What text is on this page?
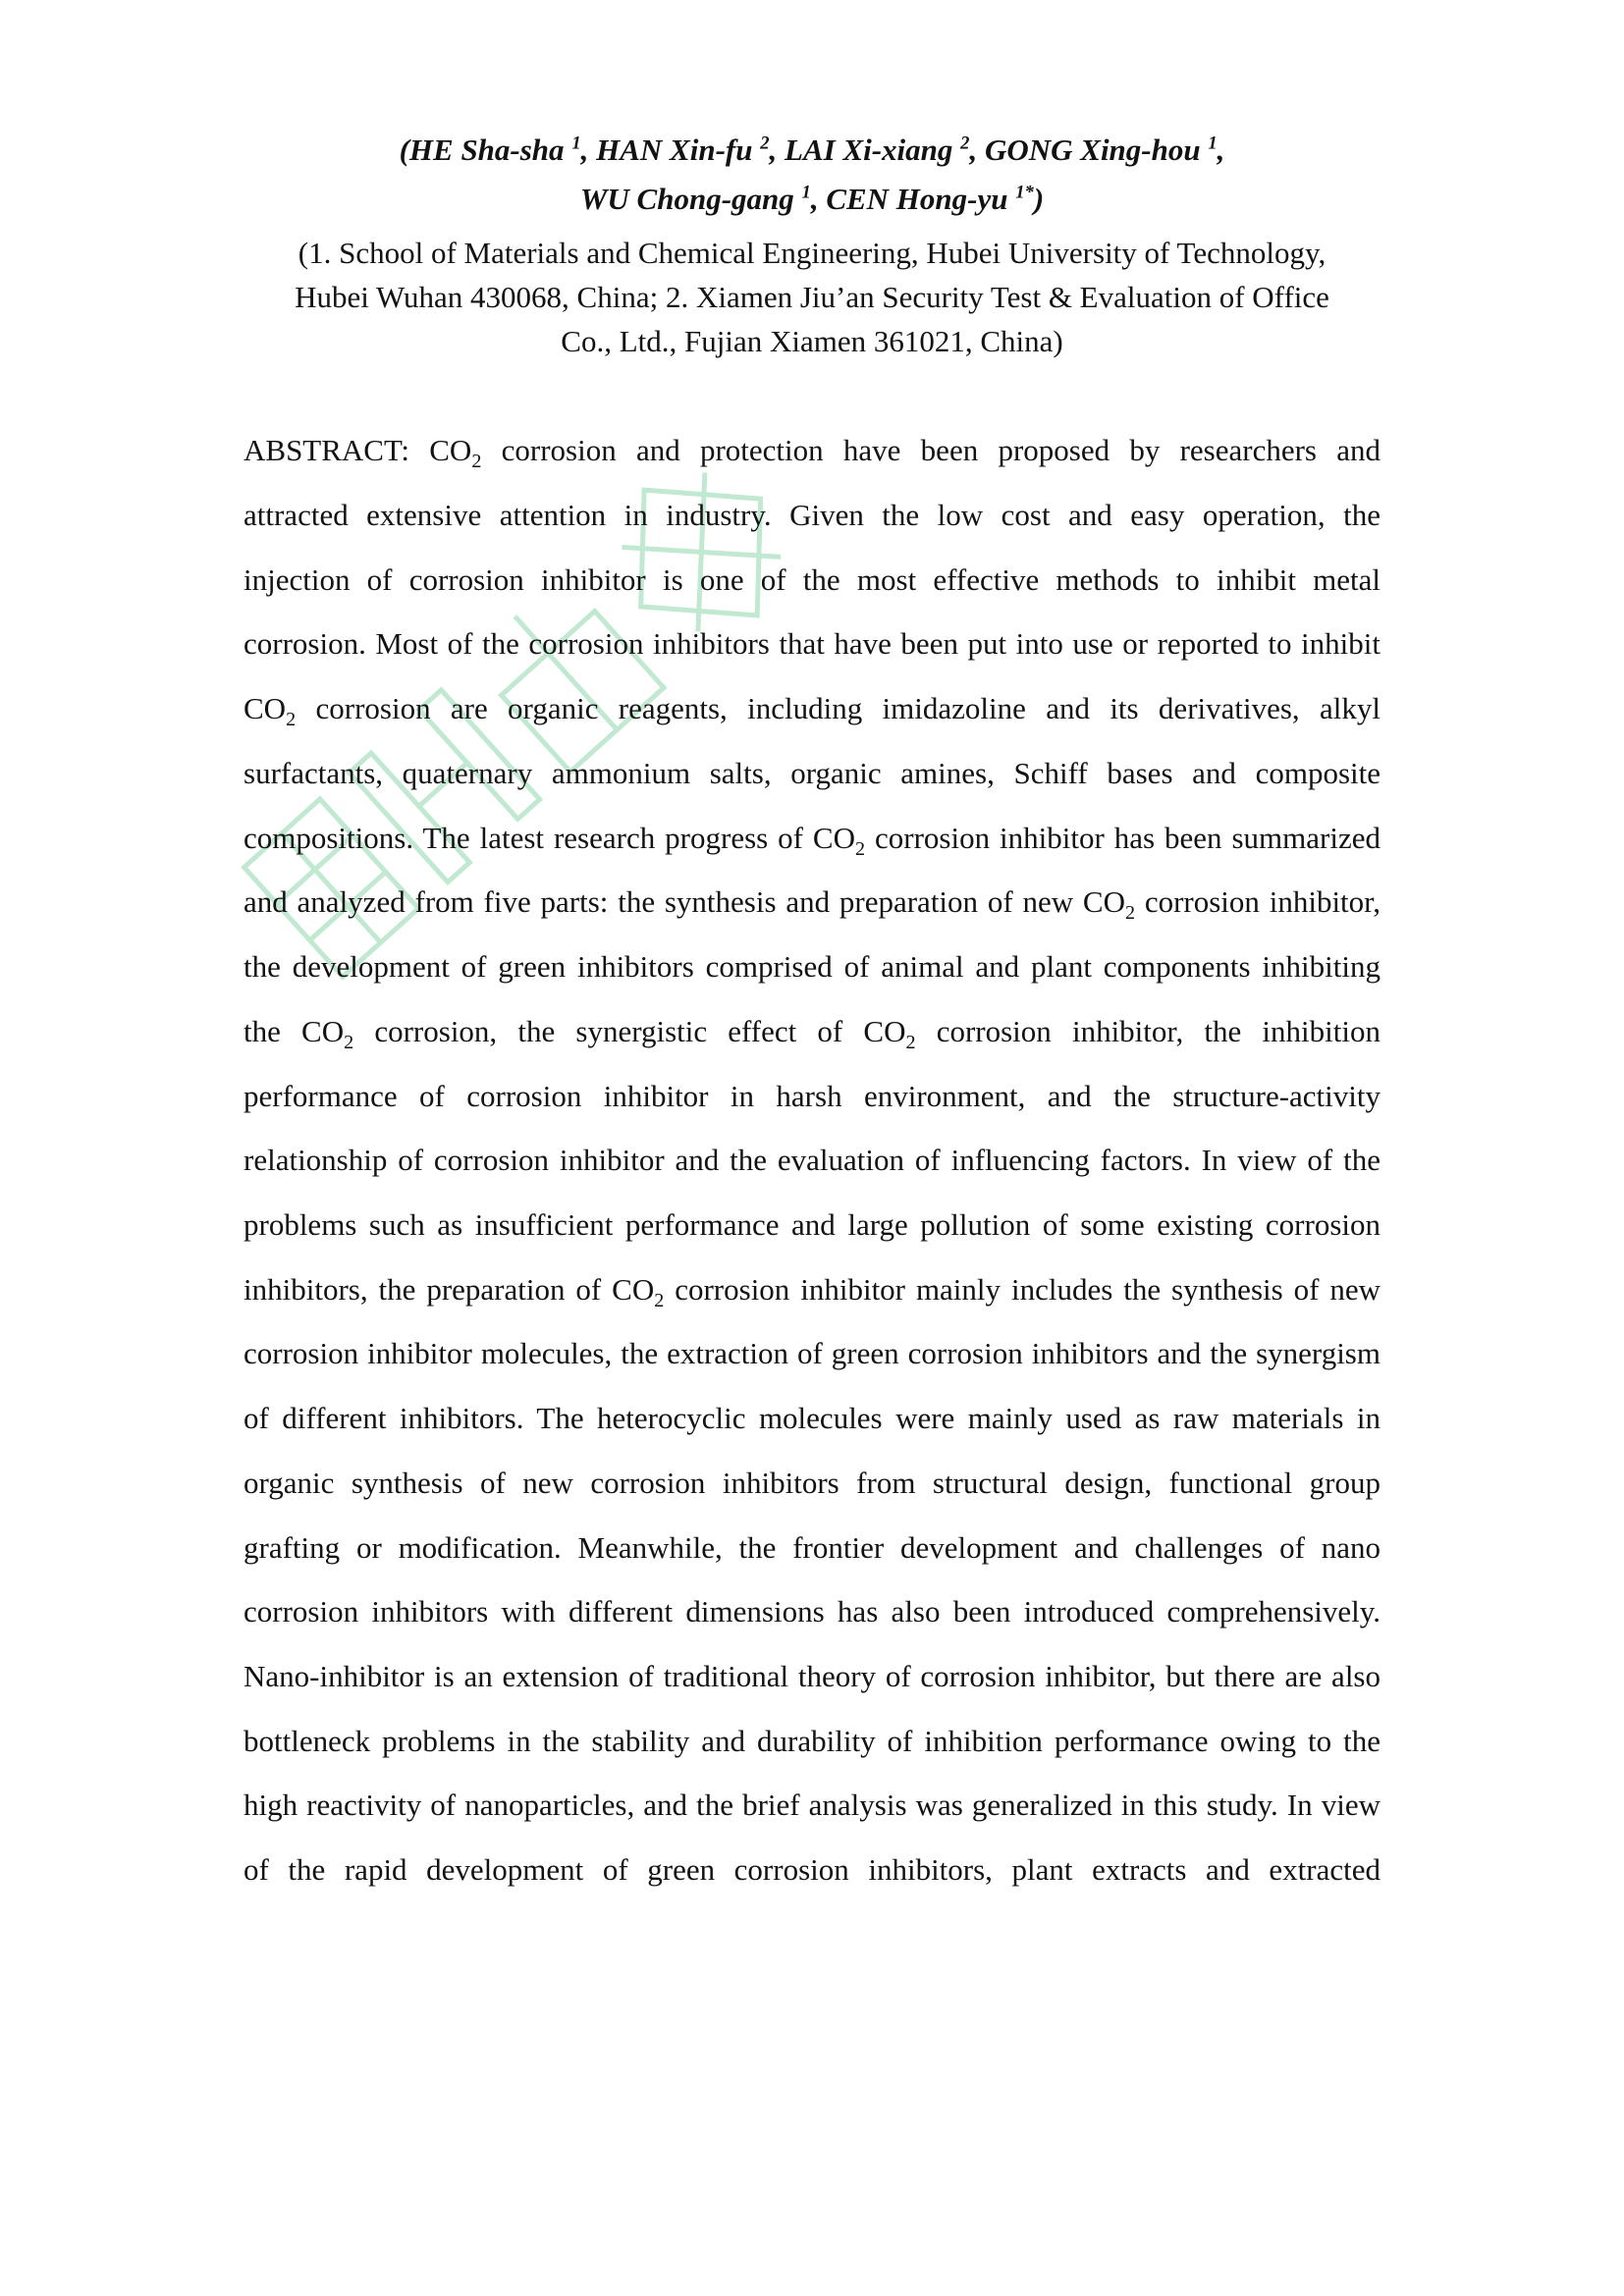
(HE Sha-sha $^1$, HAN Xin-fu $^2$, LAI Xi-xiang $^2$, GONG Xing-hou $^1$,
WU Chong-gang $^1$, CEN Hong-yu $^{1*}$)
(1. School of Materials and Chemical Engineering, Hubei University of Technology,
Hubei Wuhan 430068, China; 2. Xiamen Jiu’an Security Test & Evaluation of Office
Co., Ltd., Fujian Xiamen 361021, China)

ABSTRACT: $CO_2$ corrosion and protection have been proposed by researchers and attracted extensive attention in industry. Given the low cost and easy operation, the injection of corrosion inhibitor is one of the most effective methods to inhibit metal corrosion. Most of the corrosion inhibitors that have been put into use or reported to inhibit $CO_2$ corrosion are organic reagents, including imidazoline and its derivatives, alkyl surfactants, quaternary ammonium salts, organic amines, Schiff bases and composite compositions. The latest research progress of $CO_2$ corrosion inhibitor has been summarized and analyzed from five parts: the synthesis and preparation of new $CO_2$ corrosion inhibitor, the development of green inhibitors comprised of animal and plant components inhibiting the $CO_2$ corrosion, the synergistic effect of $CO_2$ corrosion inhibitor, the inhibition performance of corrosion inhibitor in harsh environment, and the structure-activity relationship of corrosion inhibitor and the evaluation of influencing factors. In view of the problems such as insufficient performance and large pollution of some existing corrosion inhibitors, the preparation of $CO_2$ corrosion inhibitor mainly includes the synthesis of new corrosion inhibitor molecules, the extraction of green corrosion inhibitors and the synergism of different inhibitors. The heterocyclic molecules were mainly used as raw materials in organic synthesis of new corrosion inhibitors from structural design, functional group grafting or modification. Meanwhile, the frontier development and challenges of nano corrosion inhibitors with different dimensions has also been introduced comprehensively. Nano-inhibitor is an extension of traditional theory of corrosion inhibitor, but there are also bottleneck problems in the stability and durability of inhibition performance owing to the high reactivity of nanoparticles, and the brief analysis was generalized in this study. In view of the rapid development of green corrosion inhibitors, plant extracts and extracted
